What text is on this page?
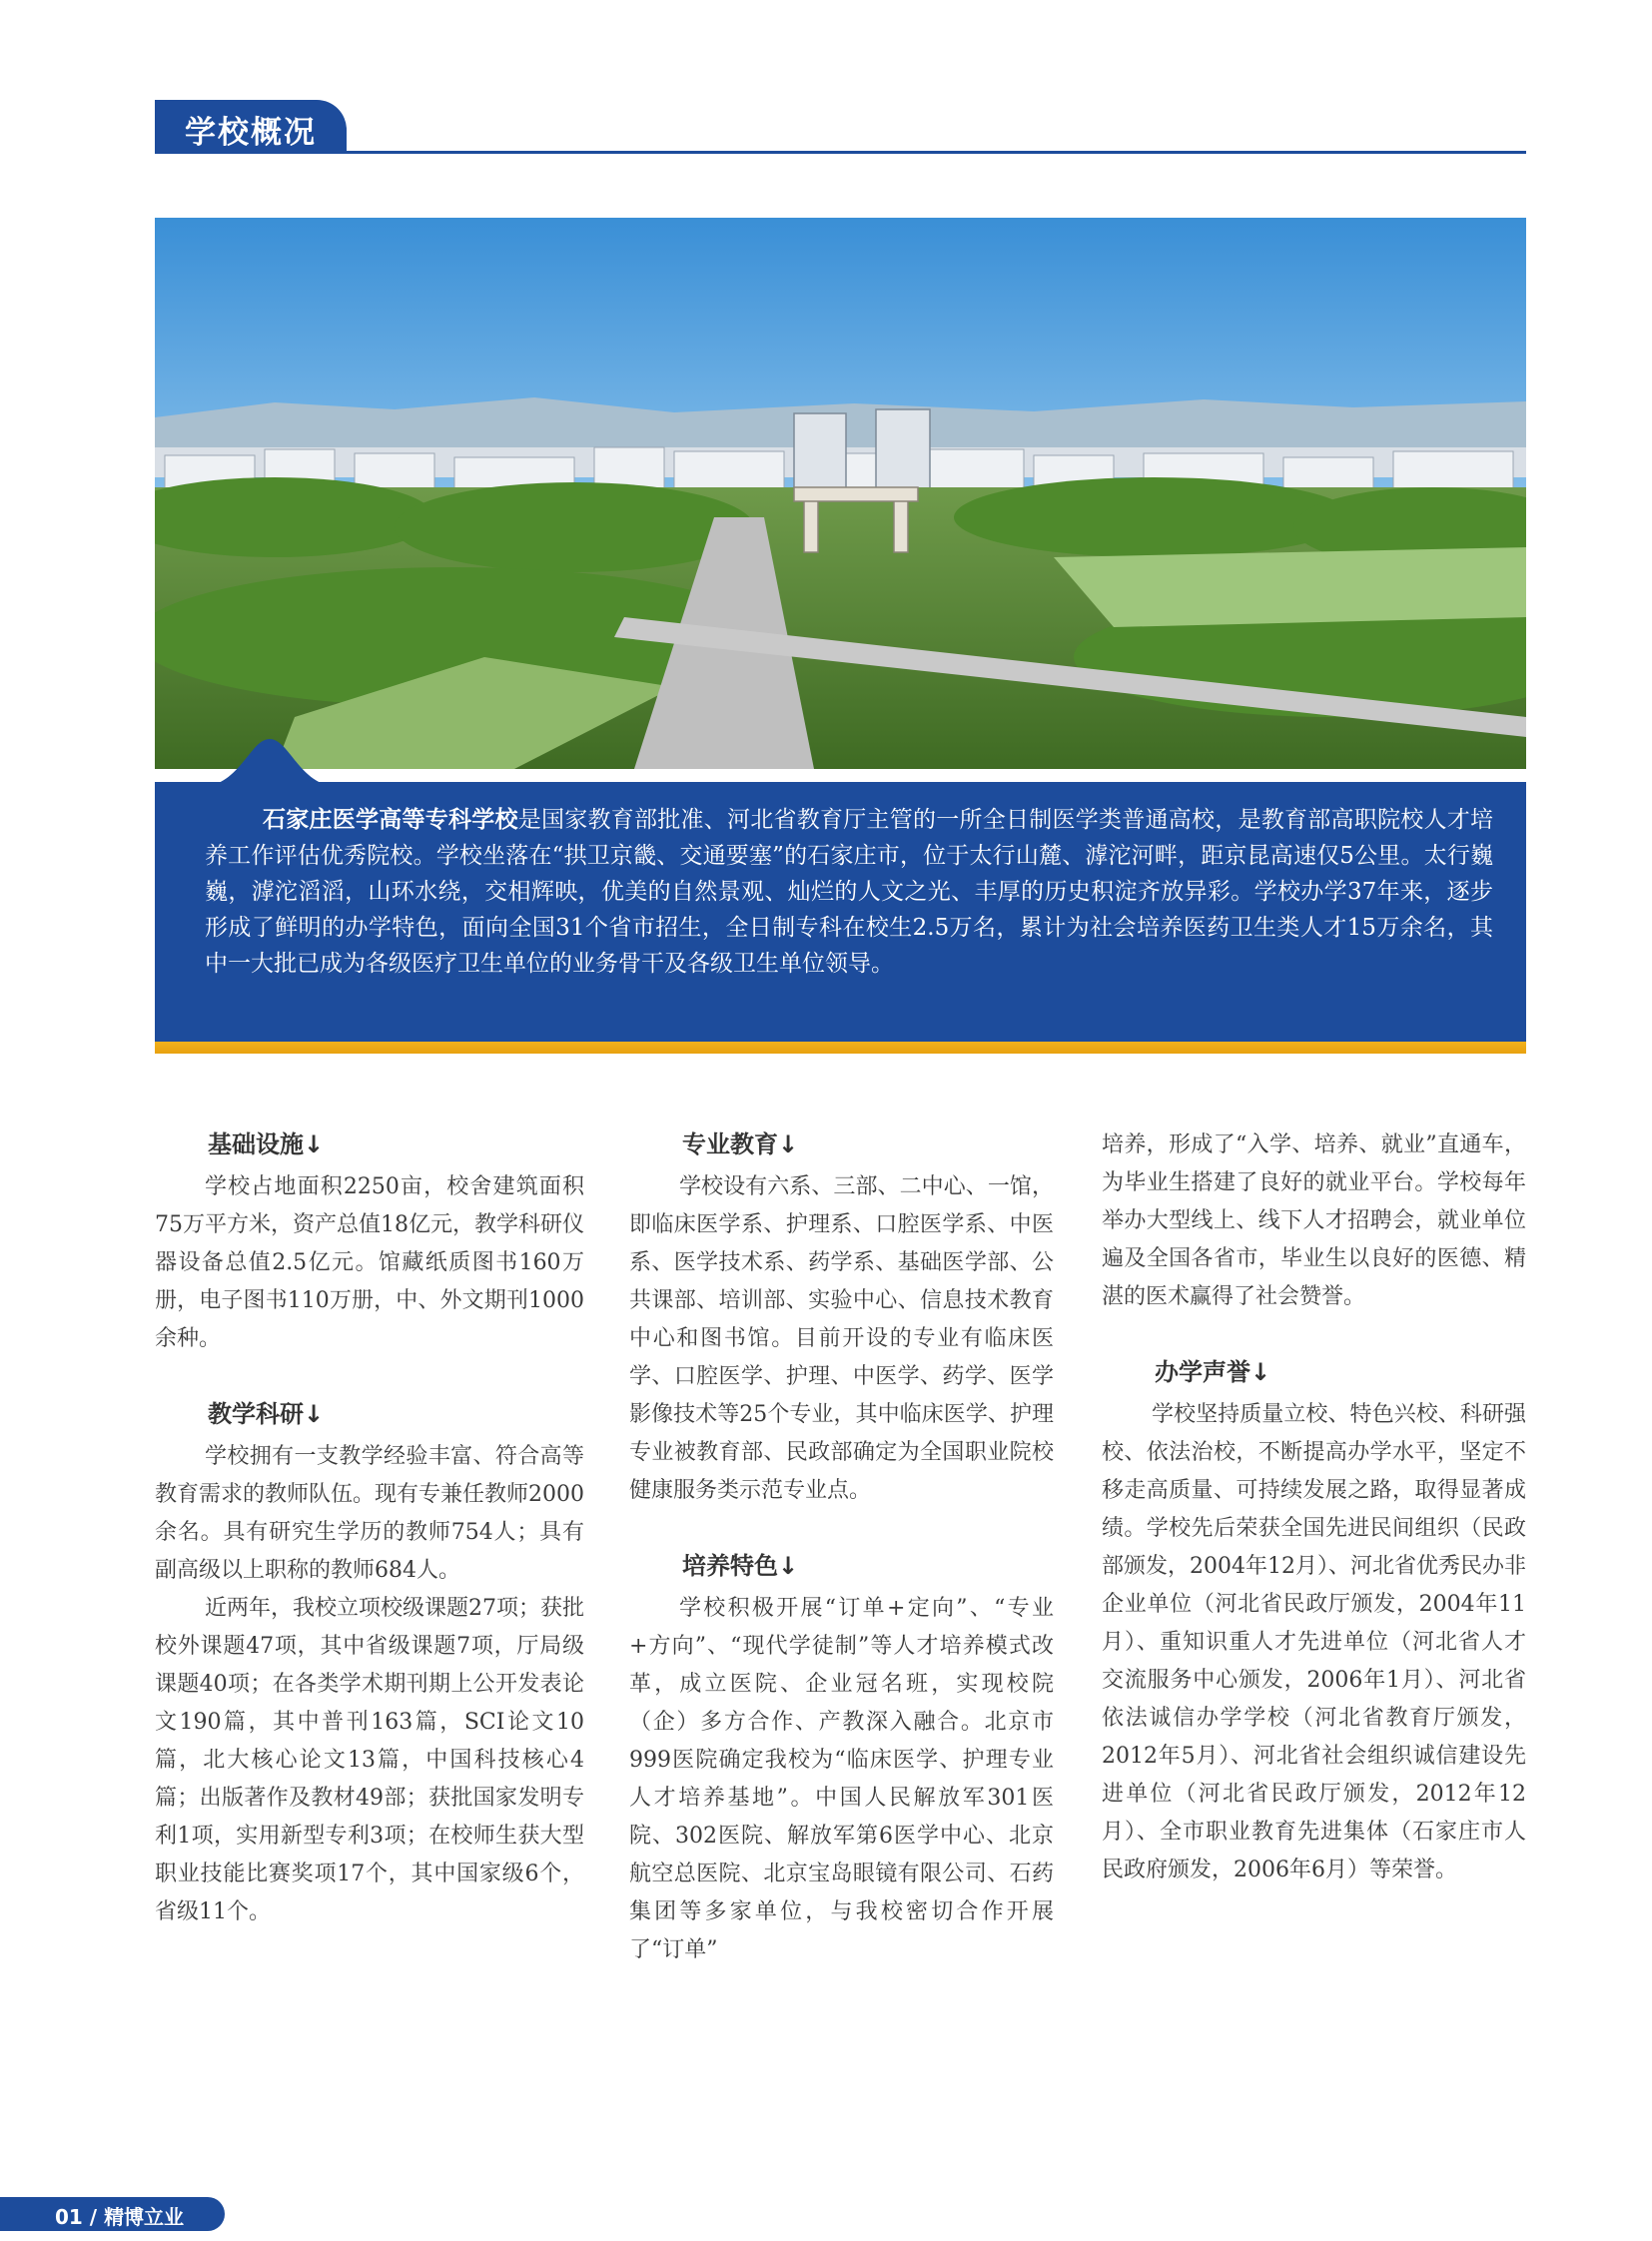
学校概况

石家庄医学高等专科学校是国家教育部批准、河北省教育厅主管的一所全日制医学类普通高校，是教育部高职院校人才培养工作评估优秀院校。学校坐落在“拱卫京畿、交通要塞”的石家庄市，位于太行山麓、滹沱河畔，距京昆高速仅5公里。太行巍巍，滹沱滔滔，山环水绕，交相辉映，优美的自然景观、灿烂的人文之光、丰厚的历史积淀齐放异彩。学校办学37年来，逐步形成了鲜明的办学特色，面向全国31个省市招生，全日制专科在校生2.5万名，累计为社会培养医药卫生类人才15万余名，其中一大批已成为各级医疗卫生单位的业务骨干及各级卫生单位领导。

基础设施↓

学校占地面积2250亩，校舍建筑面积75万平方米，资产总值18亿元，教学科研仪器设备总值2.5亿元。馆藏纸质图书160万册，电子图书110万册，中、外文期刊1000余种。

教学科研↓

学校拥有一支教学经验丰富、符合高等教育需求的教师队伍。现有专兼任教师2000余名。具有研究生学历的教师754人；具有副高级以上职称的教师684人。

近两年，我校立项校级课题27项；获批校外课题47项，其中省级课题7项，厅局级课题40项；在各类学术期刊期上公开发表论文190篇，其中普刊163篇，SCI论文10篇，北大核心论文13篇，中国科技核心4篇；出版著作及教材49部；获批国家发明专利1项，实用新型专利3项；在校师生获大型职业技能比赛奖项17个，其中国家级6个，省级11个。

专业教育↓

学校设有六系、三部、二中心、一馆，即临床医学系、护理系、口腔医学系、中医系、医学技术系、药学系、基础医学部、公共课部、培训部、实验中心、信息技术教育中心和图书馆。目前开设的专业有临床医学、口腔医学、护理、中医学、药学、医学影像技术等25个专业，其中临床医学、护理专业被教育部、民政部确定为全国职业院校健康服务类示范专业点。

培养特色↓

学校积极开展“订单+定向”、“专业+方向”、“现代学徒制”等人才培养模式改革，成立医院、企业冠名班，实现校院（企）多方合作、产教深入融合。北京市999医院确定我校为“临床医学、护理专业人才培养基地”。中国人民解放军301医院、302医院、解放军第6医学中心、北京航空总医院、北京宝岛眼镜有限公司、石药集团等多家单位，与我校密切合作开展了“订单”

培养，形成了“入学、培养、就业”直通车，为毕业生搭建了良好的就业平台。学校每年举办大型线上、线下人才招聘会，就业单位遍及全国各省市，毕业生以良好的医德、精湛的医术赢得了社会赞誉。

办学声誉↓

学校坚持质量立校、特色兴校、科研强校、依法治校，不断提高办学水平，坚定不移走高质量、可持续发展之路，取得显著成绩。学校先后荣获全国先进民间组织（民政部颁发，2004年12月）、河北省优秀民办非企业单位（河北省民政厅颁发，2004年11月）、重知识重人才先进单位（河北省人才交流服务中心颁发，2006年1月）、河北省依法诚信办学学校（河北省教育厅颁发，2012年5月）、河北省社会组织诚信建设先进单位（河北省民政厅颁发，2012年12月）、全市职业教育先进集体（石家庄市人民政府颁发，2006年6月）等荣誉。

01 / 精博立业
